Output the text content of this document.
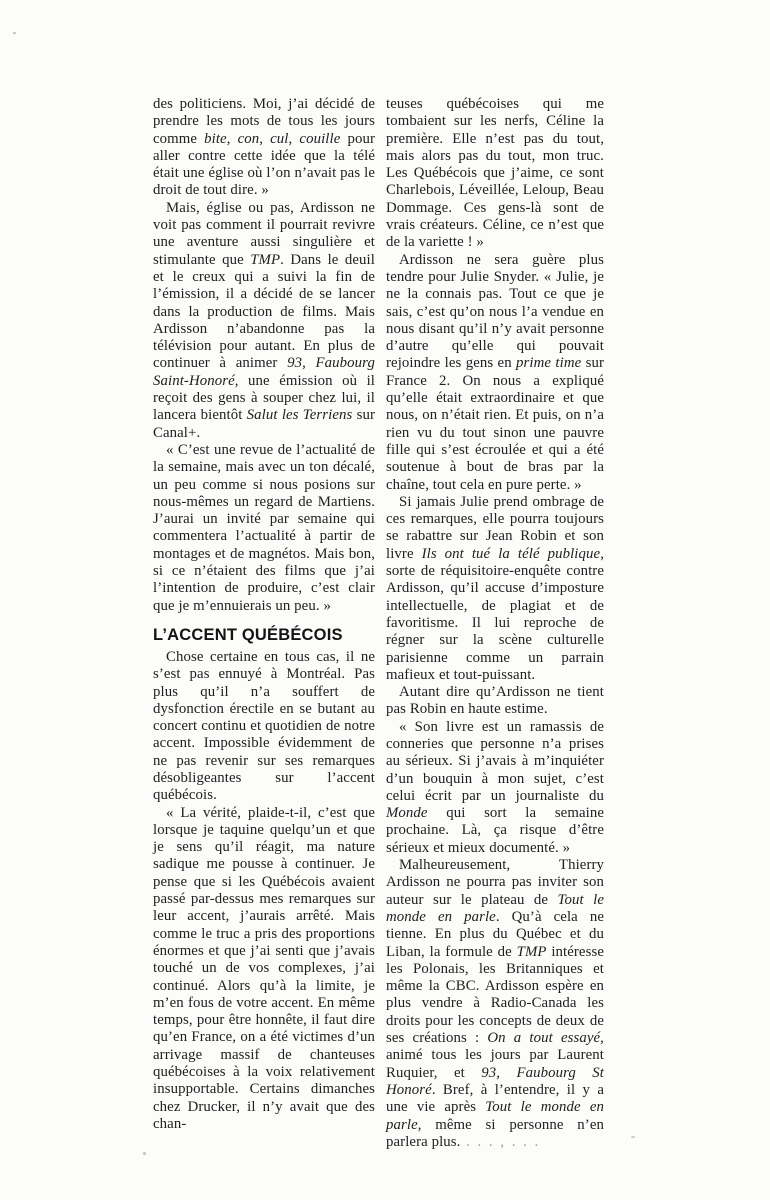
des politiciens. Moi, j’ai décidé de prendre les mots de tous les jours comme bite, con, cul, couille pour aller contre cette idée que la télé était une église où l’on n’avait pas le droit de tout dire. »

Mais, église ou pas, Ardisson ne voit pas comment il pourrait revivre une aventure aussi singulière et stimulante que TMP. Dans le deuil et le creux qui a suivi la fin de l’émission, il a décidé de se lancer dans la production de films. Mais Ardisson n’abandonne pas la télévision pour autant. En plus de continuer à animer 93, Faubourg Saint-Honoré, une émission où il reçoit des gens à souper chez lui, il lancera bientôt Salut les Terriens sur Canal+.

« C’est une revue de l’actualité de la semaine, mais avec un ton décalé, un peu comme si nous posions sur nous-mêmes un regard de Martiens. J’aurai un invité par semaine qui commentera l’actualité à partir de montages et de magnétos. Mais bon, si ce n’étaient des films que j’ai l’intention de produire, c’est clair que je m’ennuierais un peu. »

L’ACCENT QUÉBÉCOIS

Chose certaine en tous cas, il ne s’est pas ennuyé à Montréal. Pas plus qu’il n’a souffert de dysfonction érectile en se butant au concert continu et quotidien de notre accent. Impossible évidemment de ne pas revenir sur ses remarques désobligeantes sur l’accent québécois.

« La vérité, plaide-t-il, c’est que lorsque je taquine quelqu’un et que je sens qu’il réagit, ma nature sadique me pousse à continuer. Je pense que si les Québécois avaient passé par-dessus mes remarques sur leur accent, j’aurais arrêté. Mais comme le truc a pris des proportions énormes et que j’ai senti que j’avais touché un de vos complexes, j’ai continué. Alors qu’à la limite, je m’en fous de votre accent. En même temps, pour être honnête, il faut dire qu’en France, on a été victimes d’un arrivage massif de chanteuses québécoises à la voix relativement insupportable. Certains dimanches chez Drucker, il n’y avait que des chan-

teuses québécoises qui me tombaient sur les nerfs, Céline la première. Elle n’est pas du tout, mais alors pas du tout, mon truc. Les Québécois que j’aime, ce sont Charlebois, Léveillée, Leloup, Beau Dommage. Ces gens-là sont de vrais créateurs. Céline, ce n’est que de la variette ! »

Ardisson ne sera guère plus tendre pour Julie Snyder. « Julie, je ne la connais pas. Tout ce que je sais, c’est qu’on nous l’a vendue en nous disant qu’il n’y avait personne d’autre qu’elle qui pouvait rejoindre les gens en prime time sur France 2. On nous a expliqué qu’elle était extraordinaire et que nous, on n’était rien. Et puis, on n’a rien vu du tout sinon une pauvre fille qui s’est écroulée et qui a été soutenue à bout de bras par la chaîne, tout cela en pure perte. »

Si jamais Julie prend ombrage de ces remarques, elle pourra toujours se rabattre sur Jean Robin et son livre Ils ont tué la télé publique, sorte de réquisitoire-enquête contre Ardisson, qu’il accuse d’imposture intellectuelle, de plagiat et de favoritisme. Il lui reproche de régner sur la scène culturelle parisienne comme un parrain mafieux et tout-puissant.

Autant dire qu’Ardisson ne tient pas Robin en haute estime.

« Son livre est un ramassis de conneries que personne n’a prises au sérieux. Si j’avais à m’inquiéter d’un bouquin à mon sujet, c’est celui écrit par un journaliste du Monde qui sort la semaine prochaine. Là, ça risque d’être sérieux et mieux documenté. »

Malheureusement, Thierry Ardisson ne pourra pas inviter son auteur sur le plateau de Tout le monde en parle. Qu’à cela ne tienne. En plus du Québec et du Liban, la formule de TMP intéresse les Polonais, les Britanniques et même la CBC. Ardisson espère en plus vendre à Radio-Canada les droits pour les concepts de deux de ses créations : On a tout essayé, animé tous les jours par Laurent Ruquier, et 93, Faubourg St Honoré. Bref, à l’entendre, il y a une vie après Tout le monde en parle, même si personne n’en parlera plus. . . . , . . .
